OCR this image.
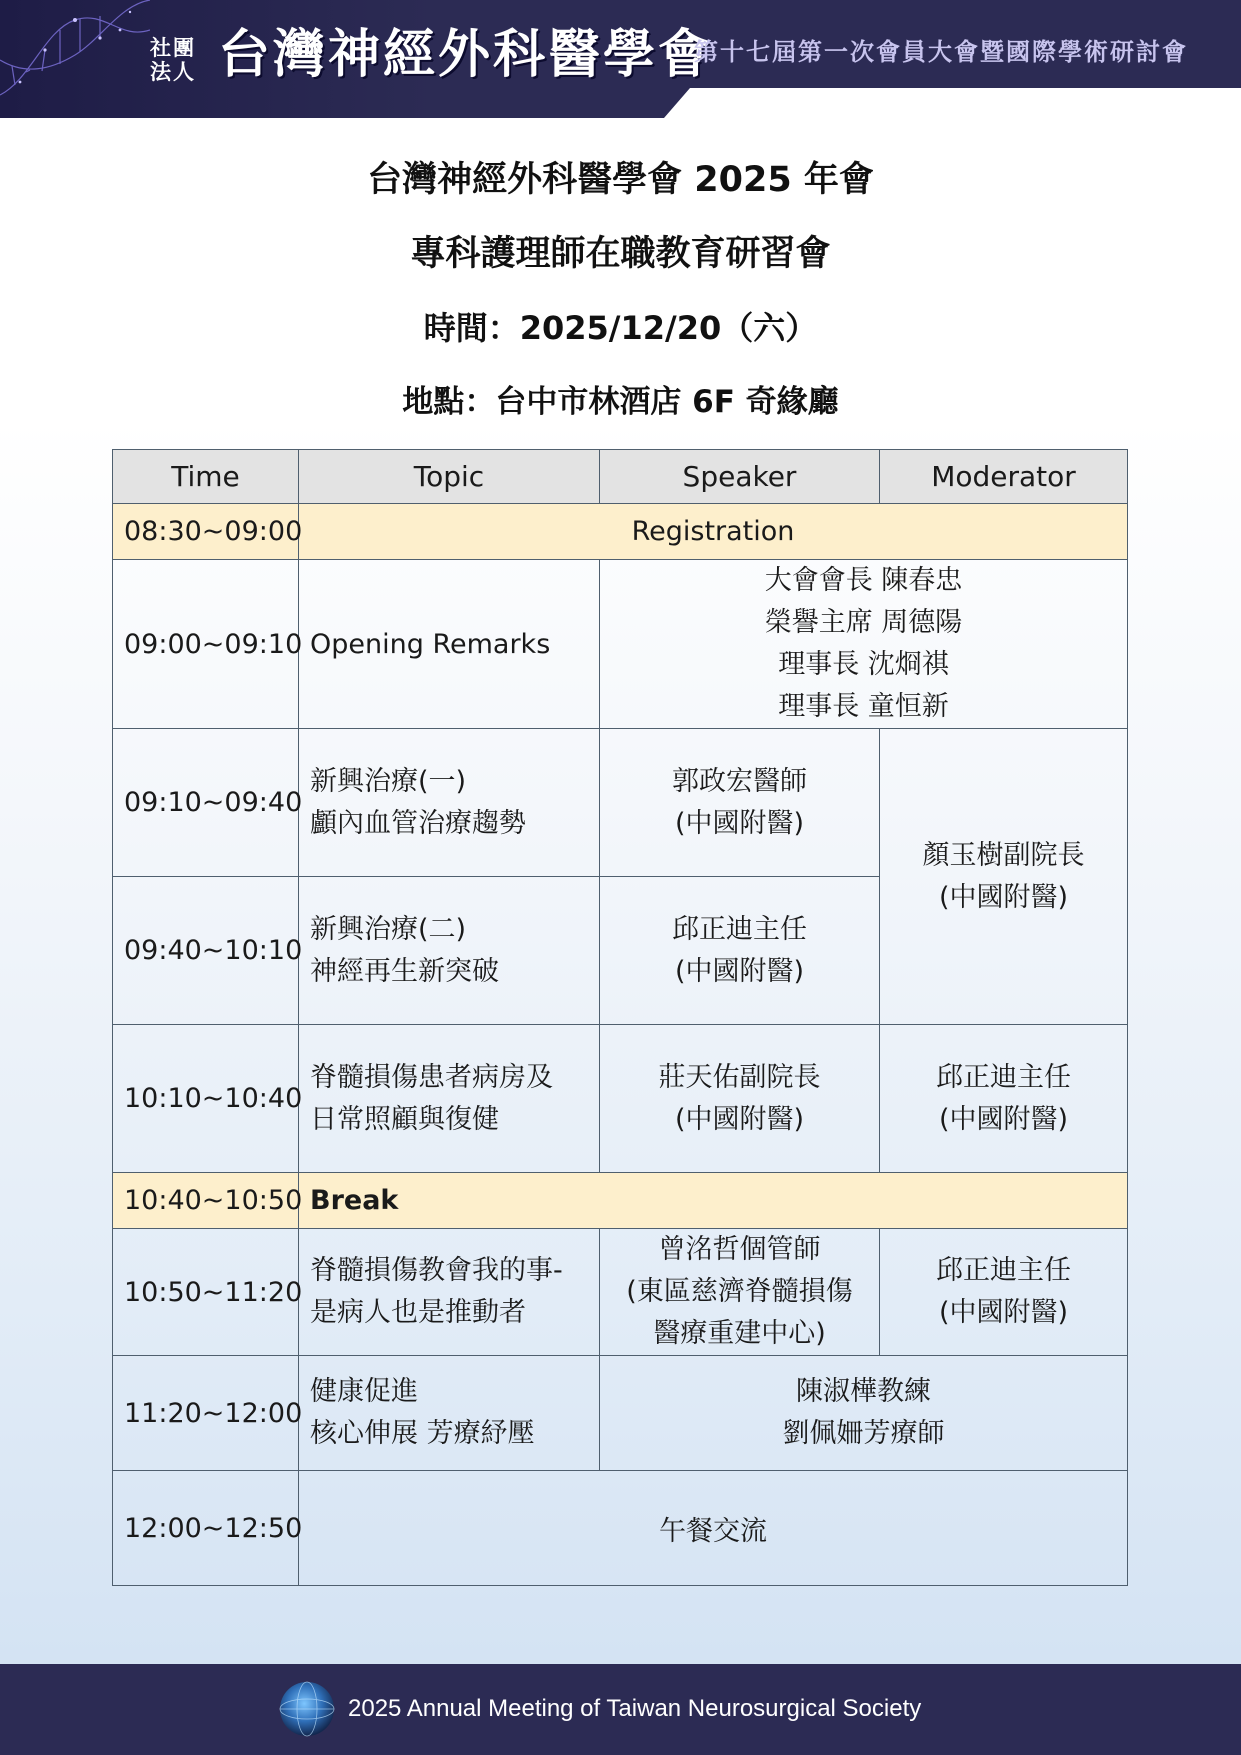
社團
法人 台灣神經外科醫學會
第十七屆第一次會員大會暨國際學術研討會
台灣神經外科醫學會 2025 年會
專科護理師在職教育研習會
時間：2025/12/20（六）
地點：台中市林酒店 6F 奇緣廳
Time	Topic	Speaker	Moderator
08:30~09:00	Registration		
09:00~09:10	Opening Remarks	大會會長 陳春忠
榮譽主席 周德陽
理事長 沈烱祺
理事長 童恒新	

09:10~09:40	新興治療(一)
顱內血管治療趨勢	郭政宏醫師
(中國附醫)	顏玉樹副院長
(中國附醫)

09:40~10:10	新興治療(二)
神經再生新突破	邱正迪主任
(中國附醫)	

10:10~10:40	脊髓損傷患者病房及
日常照顧與復健	莊天佑副院長
(中國附醫)	邱正迪主任
(中國附醫)

10:40~10:50	Break		
10:50~11:20	脊髓損傷教會我的事-
是病人也是推動者	曾洺哲個管師
(東區慈濟脊髓損傷
醫療重建中心)	邱正迪主任
(中國附醫)

11:20~12:00	健康促進
核心伸展 芳療紓壓	陳淑樺教練
劉佩姍芳療師	

12:00~12:50	午餐交流		
2025 Annual Meeting of Taiwan Neurosurgical Society
